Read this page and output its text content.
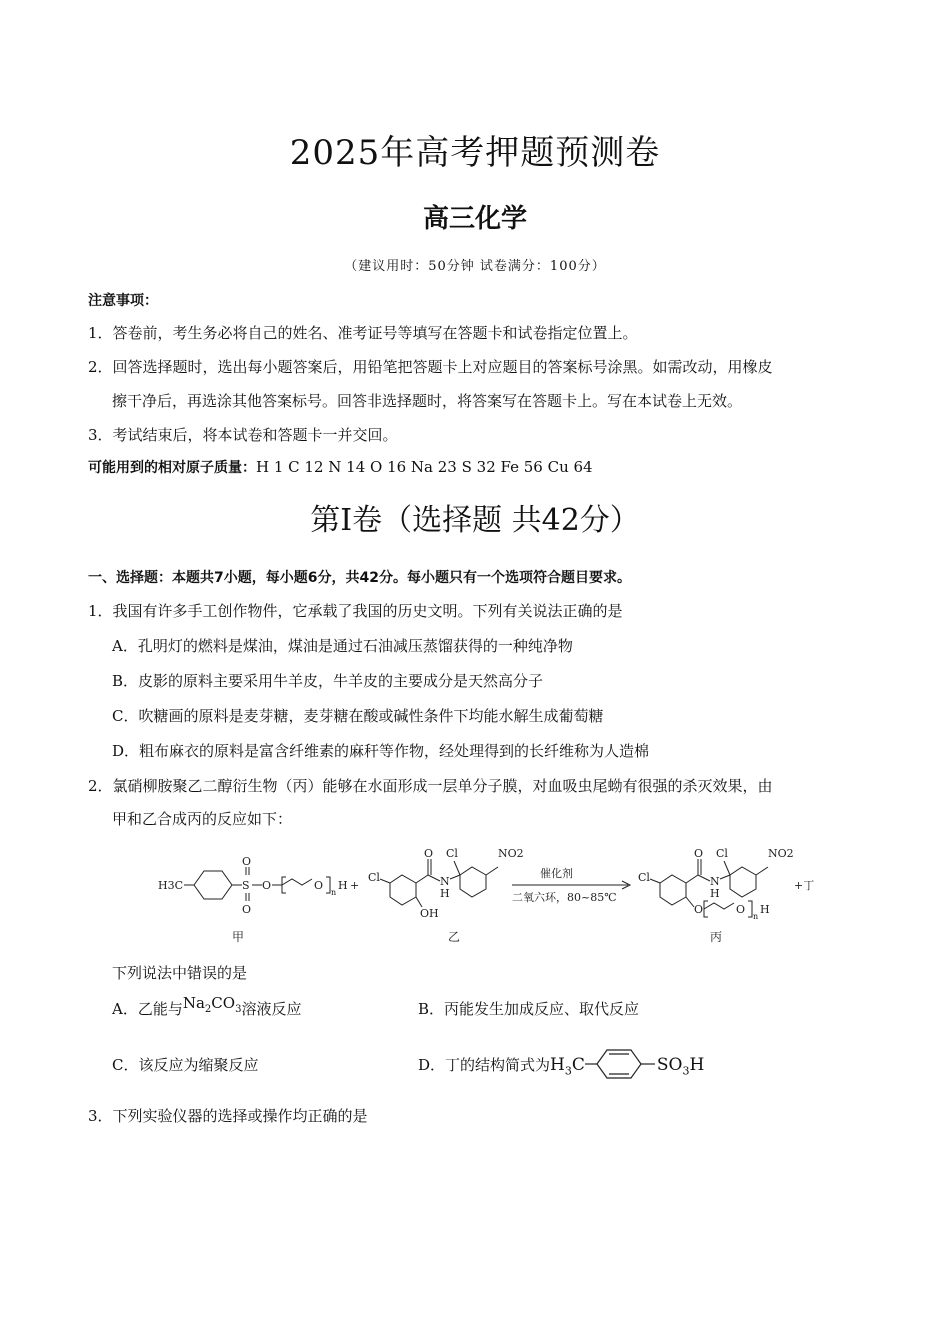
2025年高考押题预测卷
高三化学
（建议用时：50分钟 试卷满分：100分）
注意事项：
1．答卷前，考生务必将自己的姓名、准考证号等填写在答题卡和试卷指定位置上。
2．回答选择题时，选出每小题答案后，用铅笔把答题卡上对应题目的答案标号涂黑。如需改动，用橡皮
擦干净后，再选涂其他答案标号。回答非选择题时，将答案写在答题卡上。写在本试卷上无效。
3．考试结束后，将本试卷和答题卡一并交回。
可能用到的相对原子质量：H 1 C 12 N 14 O 16 Na 23 S 32 Fe 56 Cu 64
第Ⅰ卷（选择题 共42分）
一、选择题：本题共7小题，每小题6分，共42分。每小题只有一个选项符合题目要求。
1．我国有许多手工创作物件，它承载了我国的历史文明。下列有关说法正确的是
A．孔明灯的燃料是煤油，煤油是通过石油减压蒸馏获得的一种纯净物
B．皮影的原料主要采用牛羊皮，牛羊皮的主要成分是天然高分子
C．吹糖画的原料是麦芽糖，麦芽糖在酸或碱性条件下均能水解生成葡萄糖
D．粗布麻衣的原料是富含纤维素的麻秆等作物，经处理得到的长纤维称为人造棉
2．氯硝柳胺聚乙二醇衍生物（丙）能够在水面形成一层单分子膜，对血吸虫尾蚴有很强的杀灭效果，由
甲和乙合成丙的反应如下：
H3C	S
O
O
O	O
n
H +
Cl
O
N
H
Cl	NO2
OH
催化剂
二氧六环，80~85℃
Cl
O
N
H
Cl	NO2
O	O
n
H
+丁
甲	乙	丙
下列说法中错误的是
A．乙能与$Na_2CO_3$溶液反应	B．丙能发生加成反应、取代反应
C．该反应为缩聚反应	D．丁的结构简式为$H_3C$	$SO_3H$
3．下列实验仪器的选择或操作均正确的是
